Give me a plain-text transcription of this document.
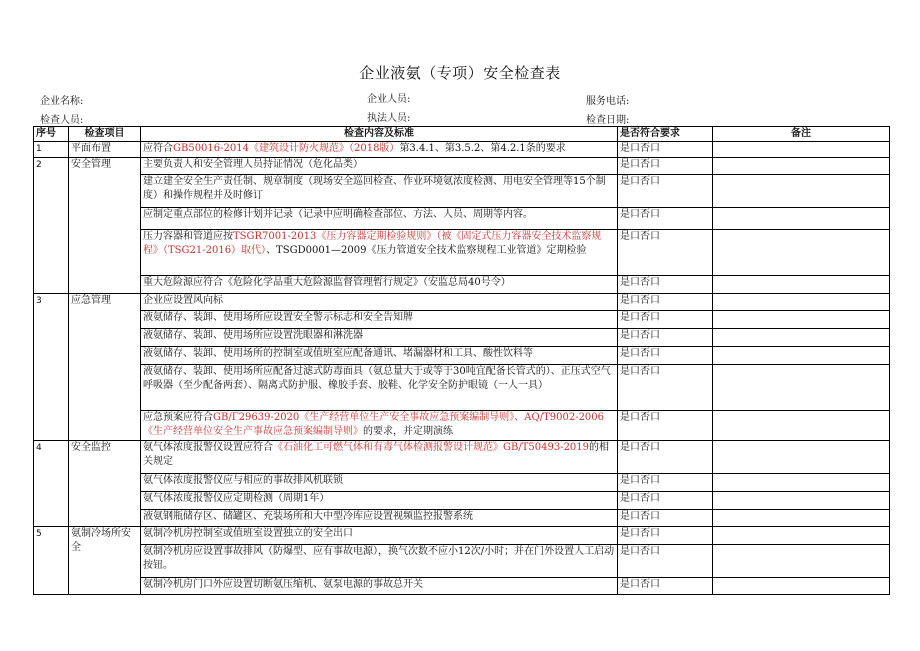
企业液氨（专项）安全检查表
企业名称:	企业人员:	服务电话:
检查人员:	执法人员:	检查日期:
序号	检查项目	检查内容及标准	是否符合要求	备注
1	平面布置	应符合GB50016-2014《建筑设计防火规范》（2018版）第3.4.1、第3.5.2、第4.2.1条的要求	是口否口	
2	安全管理	主要负责人和安全管理人员持证情况（危化品类）	是口否口	
		建立建全安全生产责任制、规章制度（现场安全巡回检查、作业环境氨浓度检测、用电安全管理等15个制度）和操作规程并及时修订	是口否口	
		应制定重点部位的检修计划并记录（记录中应明确检查部位、方法、人员、周期等内容。	是口否口	
		压力容器和管道应按TSGR7001-2013《压力容器定期检验规则》（被《固定式压力容器安全技术监察规程》（TSG21-2016）取代）、TSGD0001—2009《压力管道安全技术监察规程工业管道》定期检验	是口否口	
		重大危险源应符合《危险化学品重大危险源监督管理暂行规定》（安监总局40号令）	是口否口	
3	应急管理	企业应设置风向标	是口否口	
		液氨储存、装卸、使用场所应设置安全警示标志和安全告知牌	是口否口	
		液氨储存、装卸、使用场所应设置洗眼器和淋洗器	是口否口	
		液氨储存、装卸、使用场所的控制室或值班室应配备通讯、堵漏器材和工具、酸性饮料等	是口否口	
		液氨储存、装卸、使用场所应配备过滤式防毒面具（氨总量大于或等于30吨宜配备长管式的）、正压式空气呼吸器（至少配备两套）、隔离式防护服、橡胶手套、胶鞋、化学安全防护眼镜（一人一具）	是口否口	
		应急预案应符合GB/Γ29639-2020《生产经营单位生产安全事故应急预案编制导则》、AQ/T9002-2006《生产经营单位安全生产事故应急预案编制导则》的要求，并定期演练	是口否口	
4	安全监控	氨气体浓度报警仪设置应符合《石油化工可燃气体和有毒气体检测报警设计规范》GB/T50493-2019的相关规定	是口否口	
		氨气体浓度报警仪应与相应的事故排风机联锁	是口否口	
		氨气体浓度报警仪应定期检测（周期1年）	是口否口	
		液氨钢瓶储存区、储罐区、充装场所和大中型冷库应设置视频监控报警系统	是口否口	
5	氨制冷场所安全	氨制冷机房控制室或值班室设置独立的安全出口	是口否口	
		氨制冷机房应设置事故排风（防爆型、应有事故电源），换气次数不应小12次/小时；并在门外设置人工启动按钮。	是口否口	
		氨制冷机房门口外应设置切断氨压缩机、氨泵电源的事故总开关	是口否口	
